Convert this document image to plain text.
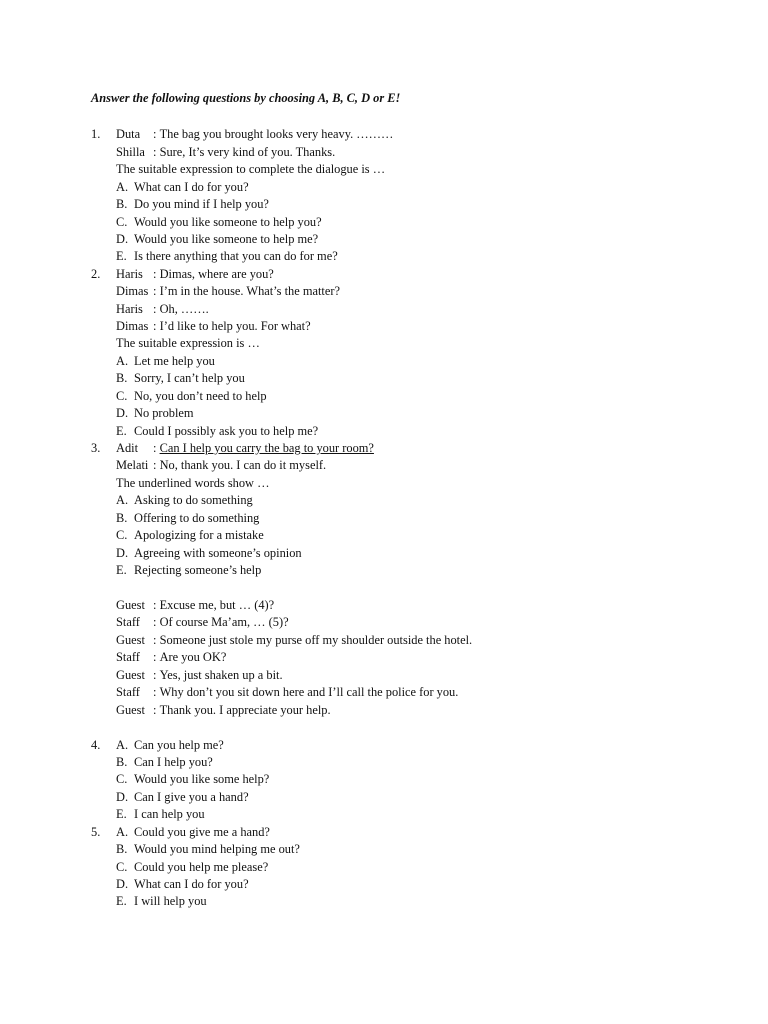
Answer the following questions by choosing A, B, C, D or E!
1. Duta : The bag you brought looks very heavy. ………
Shilla : Sure, It’s very kind of you. Thanks.
The suitable expression to complete the dialogue is …
A. What can I do for you?
B. Do you mind if I help you?
C. Would you like someone to help you?
D. Would you like someone to help me?
E. Is there anything that you can do for me?
2. Haris : Dimas, where are you?
Dimas : I’m in the house. What’s the matter?
Haris : Oh, …….
Dimas : I’d like to help you. For what?
The suitable expression is …
A. Let me help you
B. Sorry, I can’t help you
C. No, you don’t need to help
D. No problem
E. Could I possibly ask you to help me?
3. Adit : Can I help you carry the bag to your room?
Melati : No, thank you. I can do it myself.
The underlined words show …
A. Asking to do something
B. Offering to do something
C. Apologizing for a mistake
D. Agreeing with someone’s opinion
E. Rejecting someone’s help
Guest : Excuse me, but … (4)?
Staff : Of course Ma’am, … (5)?
Guest : Someone just stole my purse off my shoulder outside the hotel.
Staff : Are you OK?
Guest : Yes, just shaken up a bit.
Staff : Why don’t you sit down here and I’ll call the police for you.
Guest : Thank you. I appreciate your help.
4. A. Can you help me?
B. Can I help you?
C. Would you like some help?
D. Can I give you a hand?
E. I can help you
5. A. Could you give me a hand?
B. Would you mind helping me out?
C. Could you help me please?
D. What can I do for you?
E. I will help you
